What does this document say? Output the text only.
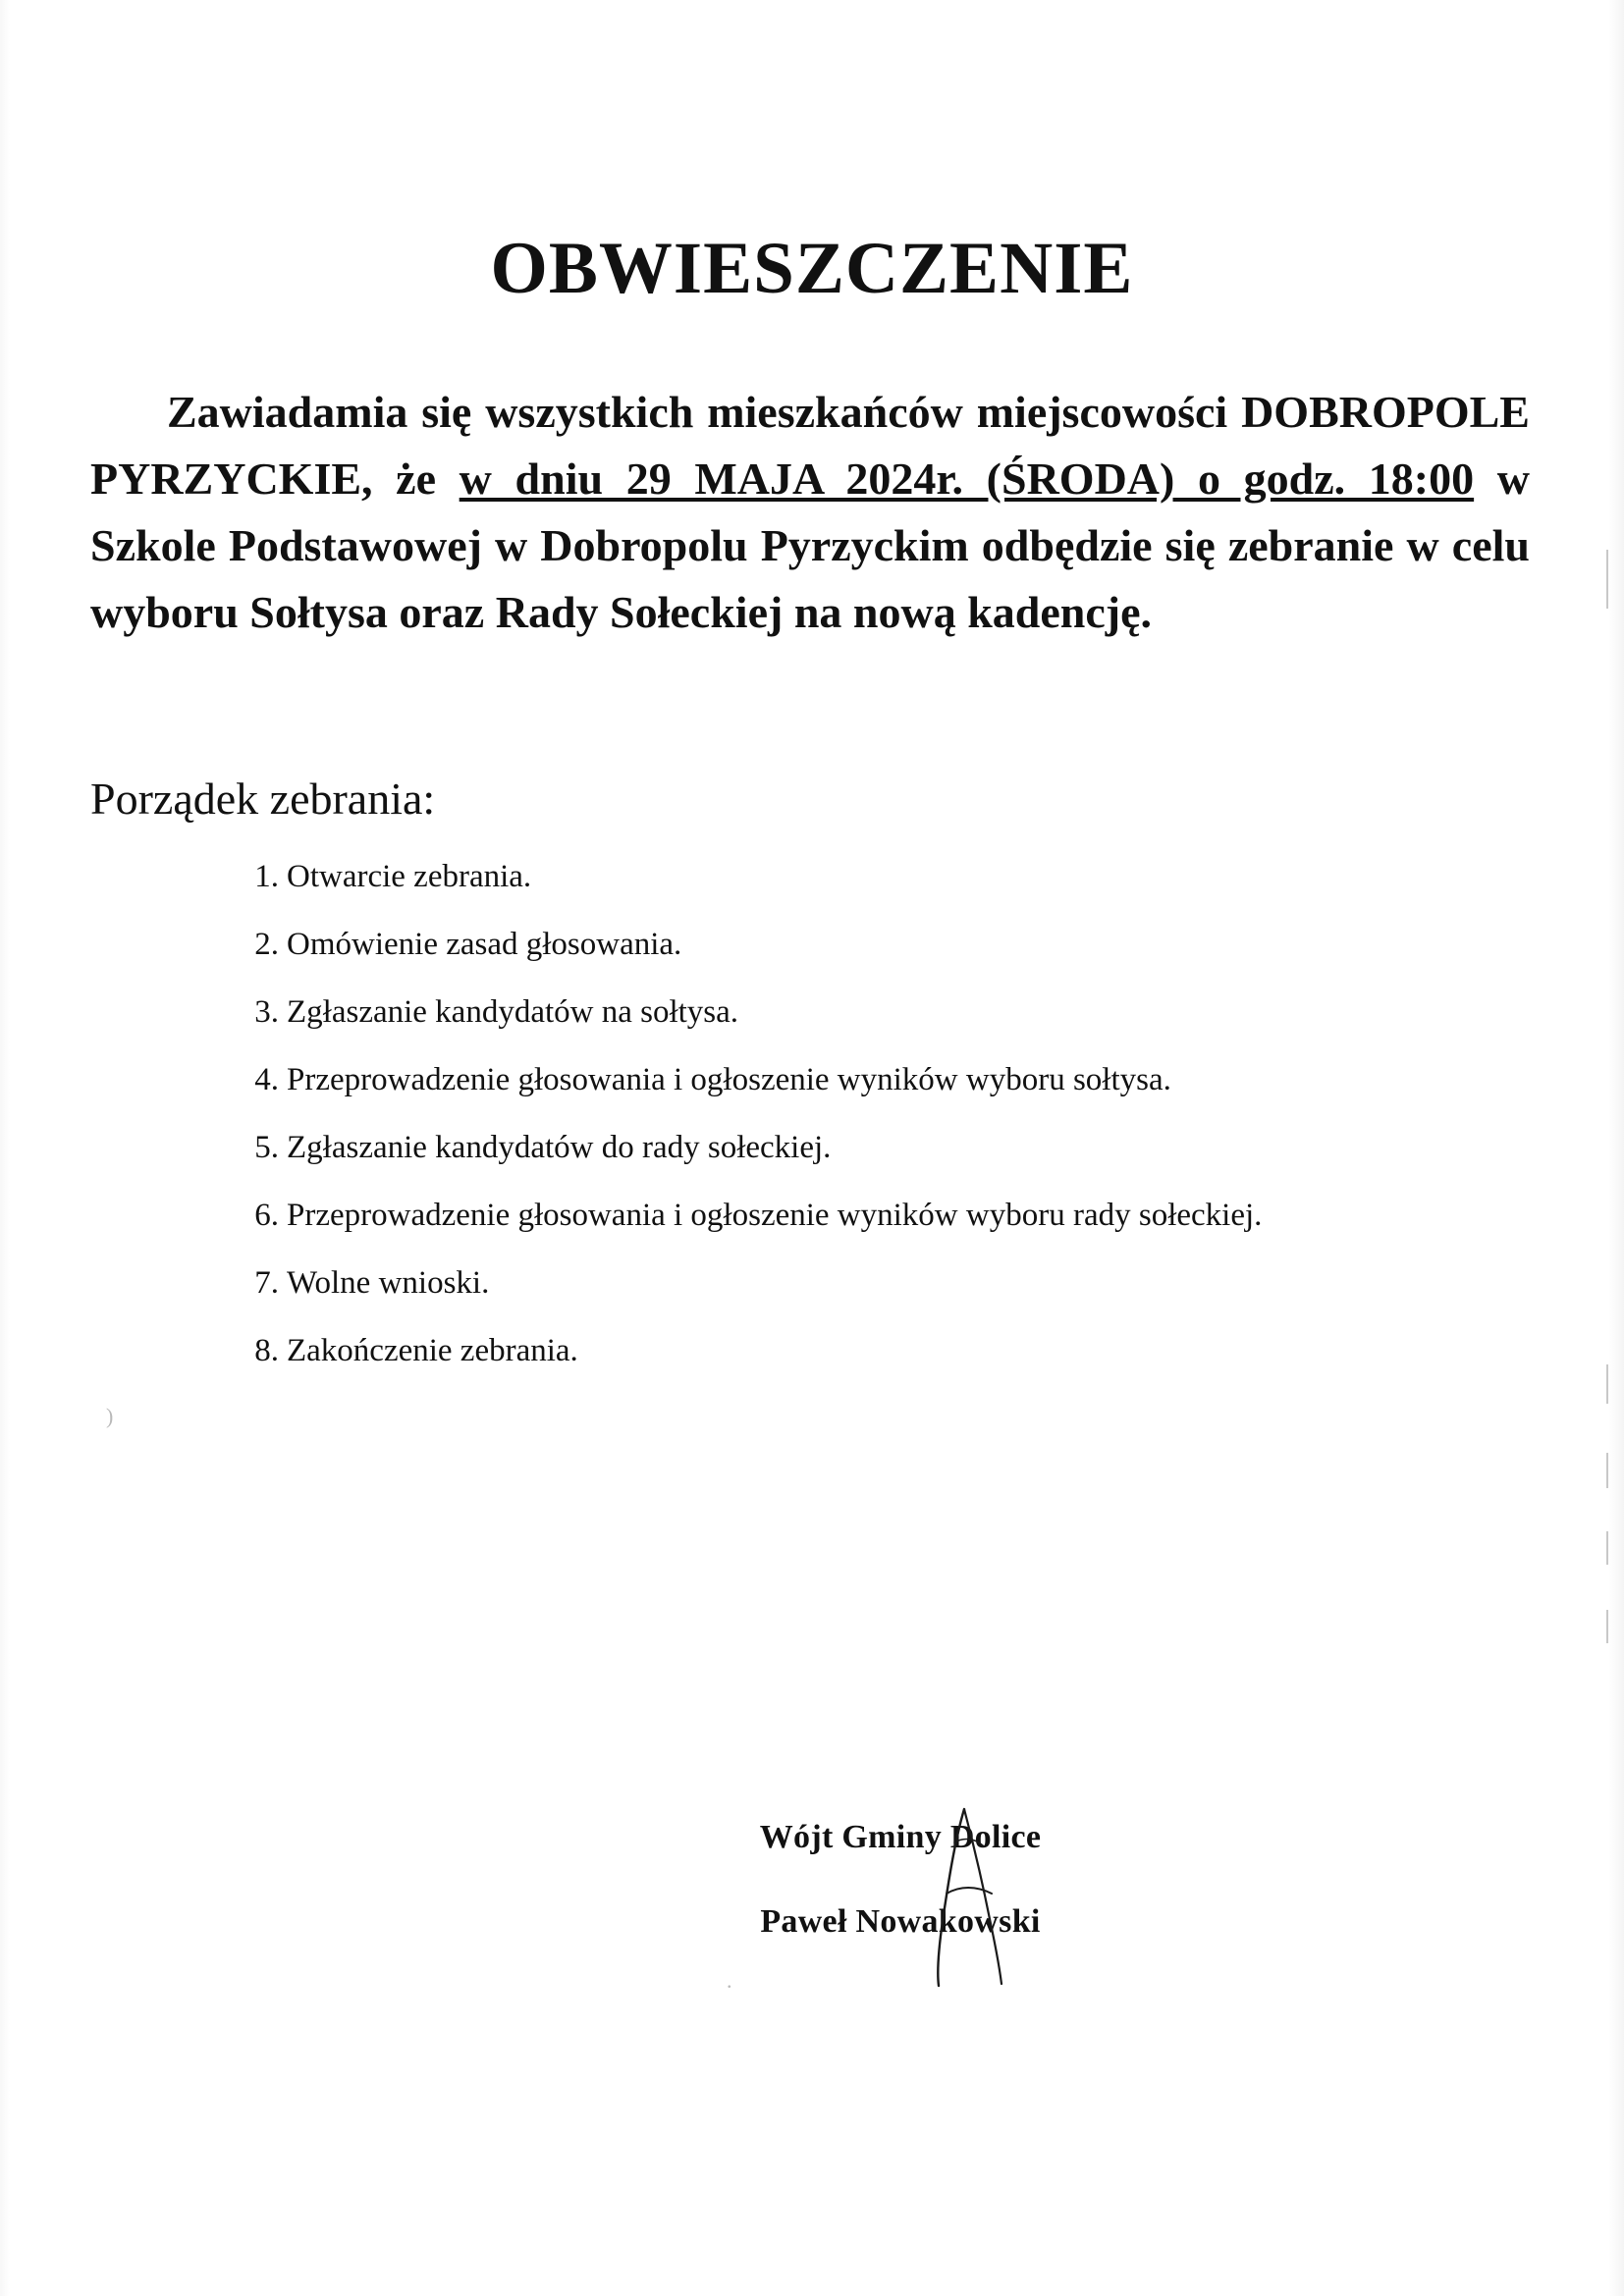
)
.
OBWIESZCZENIE

Zawiadamia się wszystkich mieszkańców miejscowości DOBROPOLE PYRZYCKIE, że w dniu 29 MAJA 2024r. (ŚRODA) o godz. 18:00 w Szkole Podstawowej w Dobropolu Pyrzyckim odbędzie się zebranie w celu wyboru Sołtysa oraz Rady Sołeckiej na nową kadencję.

Porządek zebrania:

Otwarcie zebrania.
Omówienie zasad głosowania.
Zgłaszanie kandydatów na sołtysa.
Przeprowadzenie głosowania i ogłoszenie wyników wyboru sołtysa.
Zgłaszanie kandydatów do rady sołeckiej.
Przeprowadzenie głosowania i ogłoszenie wyników wyboru rady sołeckiej.
Wolne wnioski.
Zakończenie zebrania.
Wójt Gminy Dolice
Paweł Nowakowski
